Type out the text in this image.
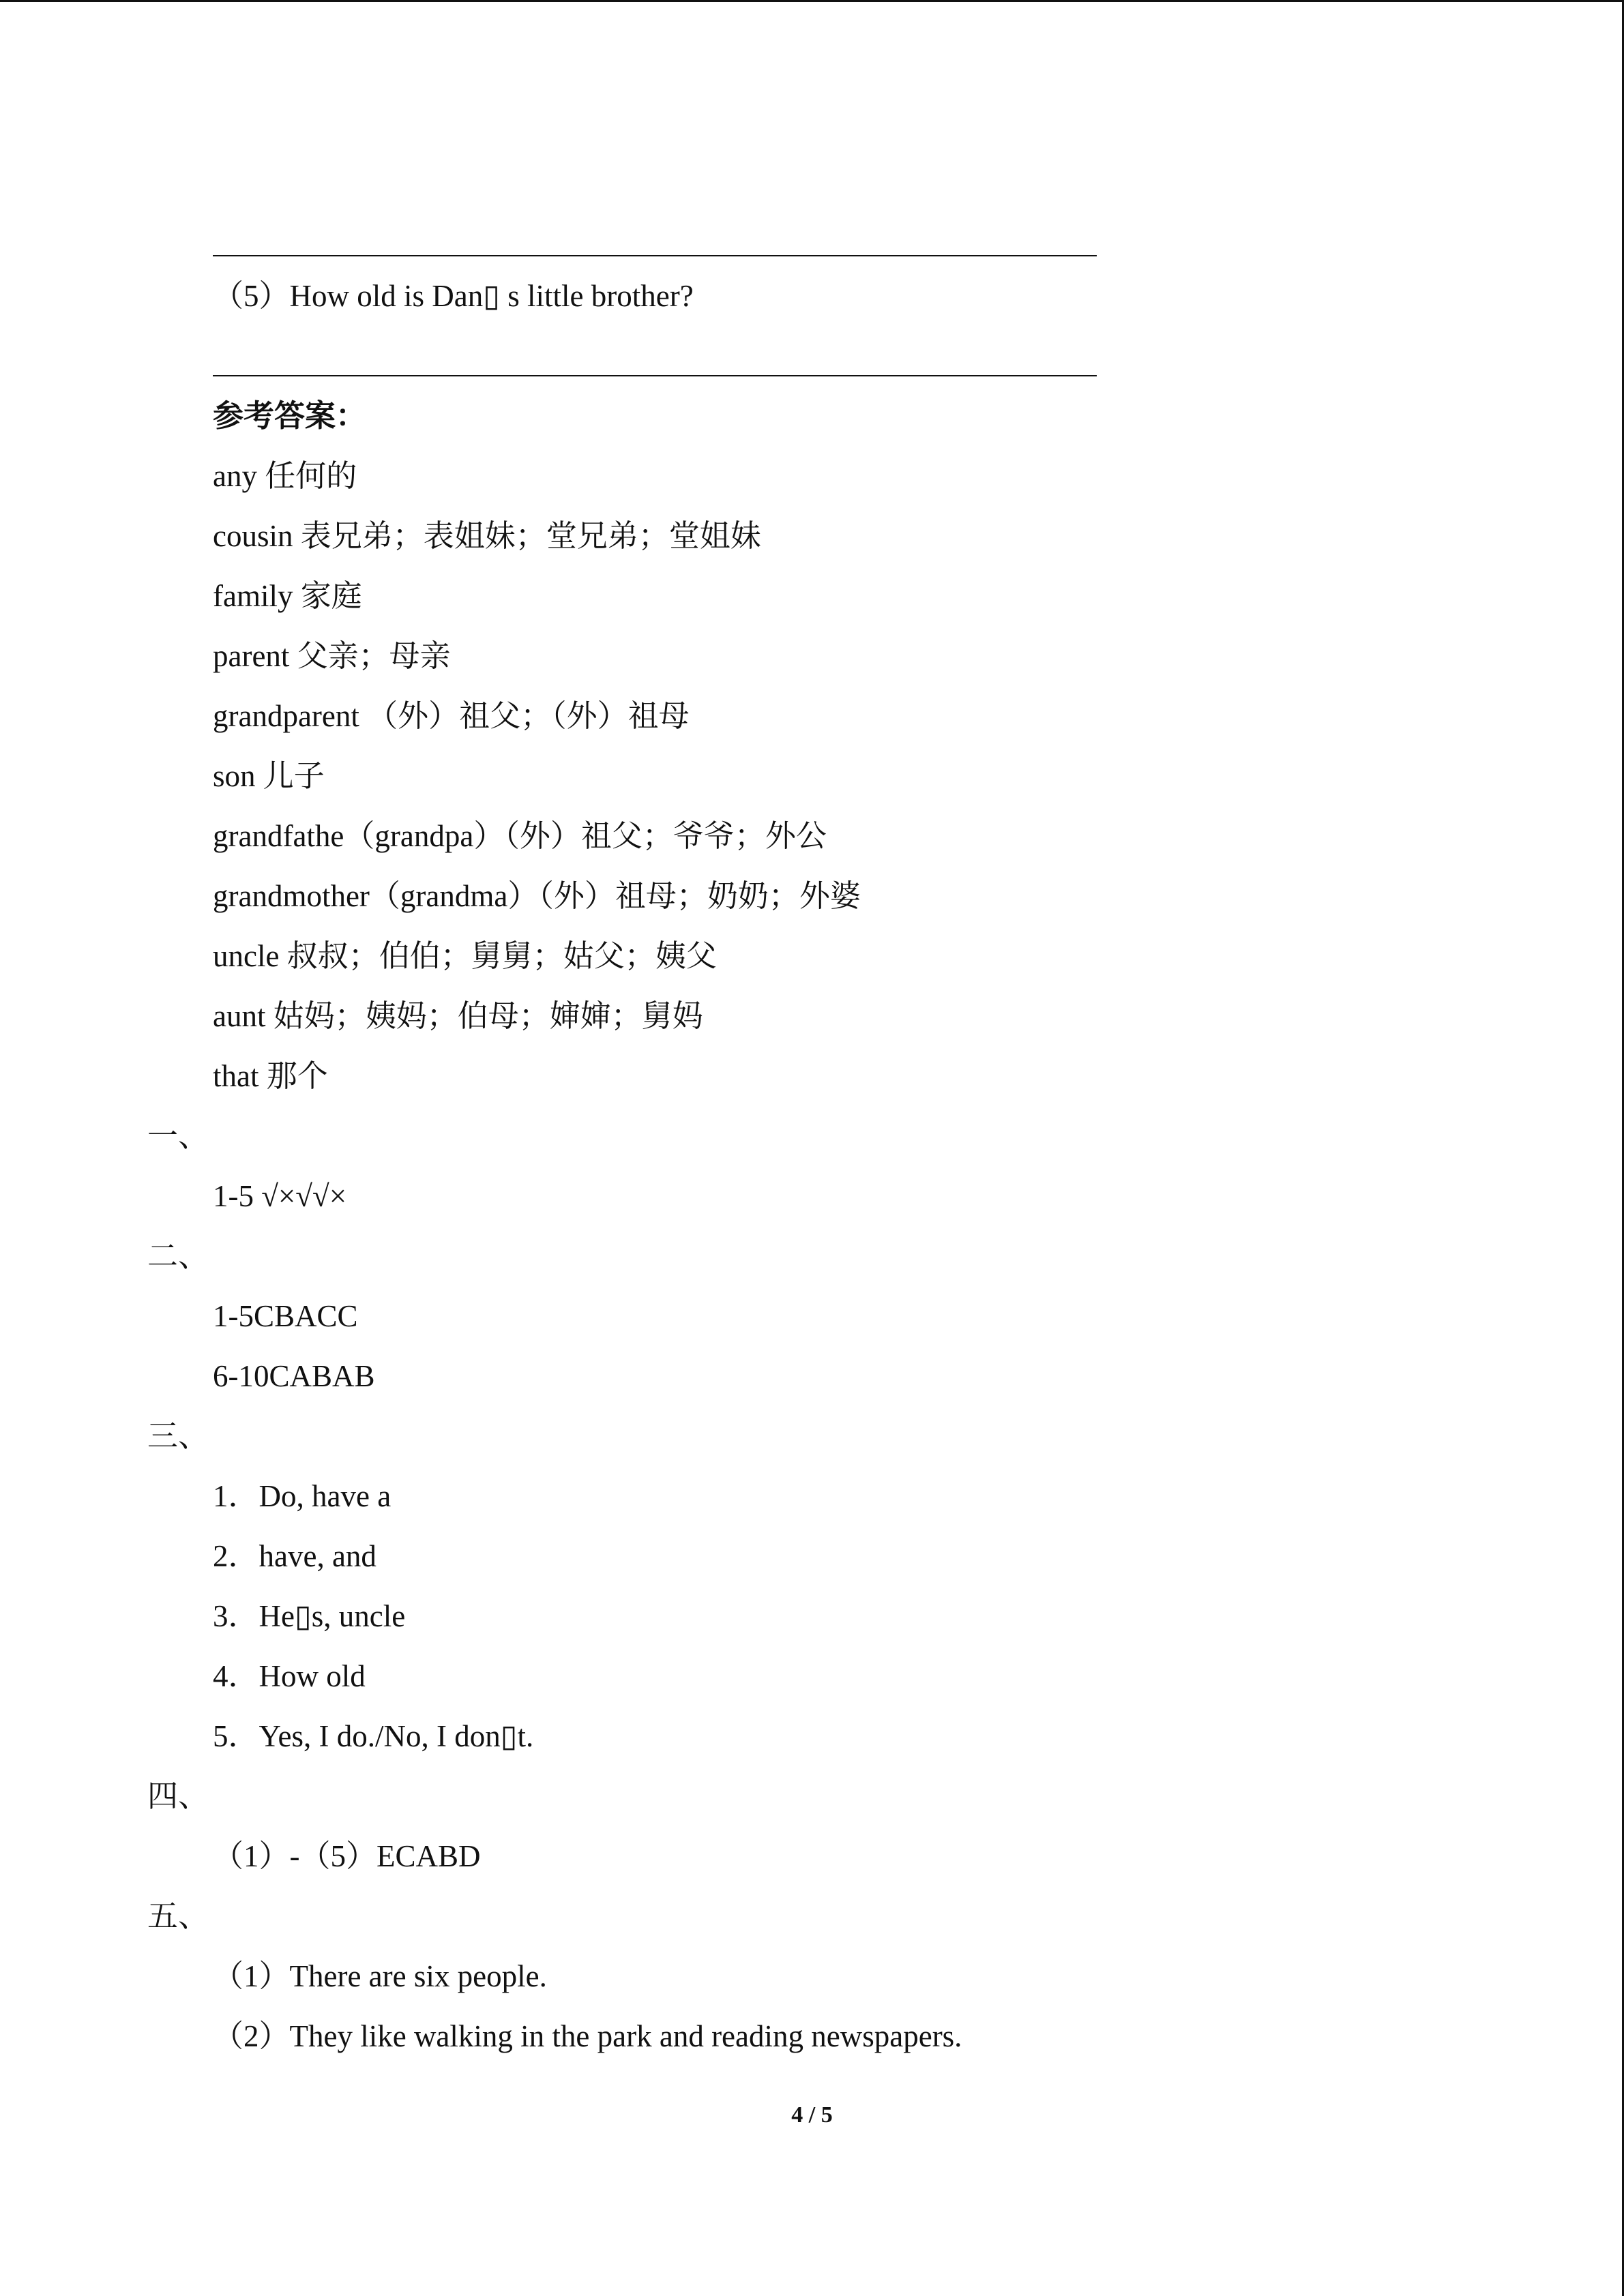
（5）How old is Dan▯ s little brother?
参考答案：
any 任何的
cousin 表兄弟；表姐妹；堂兄弟；堂姐妹
family 家庭
parent 父亲；母亲
grandparent （外）祖父；（外）祖母
son 儿子
grandfathe（grandpa）（外）祖父；爷爷；外公
grandmother（grandma）（外）祖母；奶奶；外婆
uncle 叔叔；伯伯；舅舅；姑父；姨父
aunt 姑妈；姨妈；伯母；婶婶；舅妈
that 那个
一、
1-5 √×√√×
二、
1-5CBACC
6-10CABAB
三、
1．Do, have a
2．have, and
3．He▯s, uncle
4．How old
5．Yes, I do./No, I don▯t.
四、
（1）-（5）ECABD
五、
（1）There are six people.
（2）They like walking in the park and reading newspapers.
4 / 5
